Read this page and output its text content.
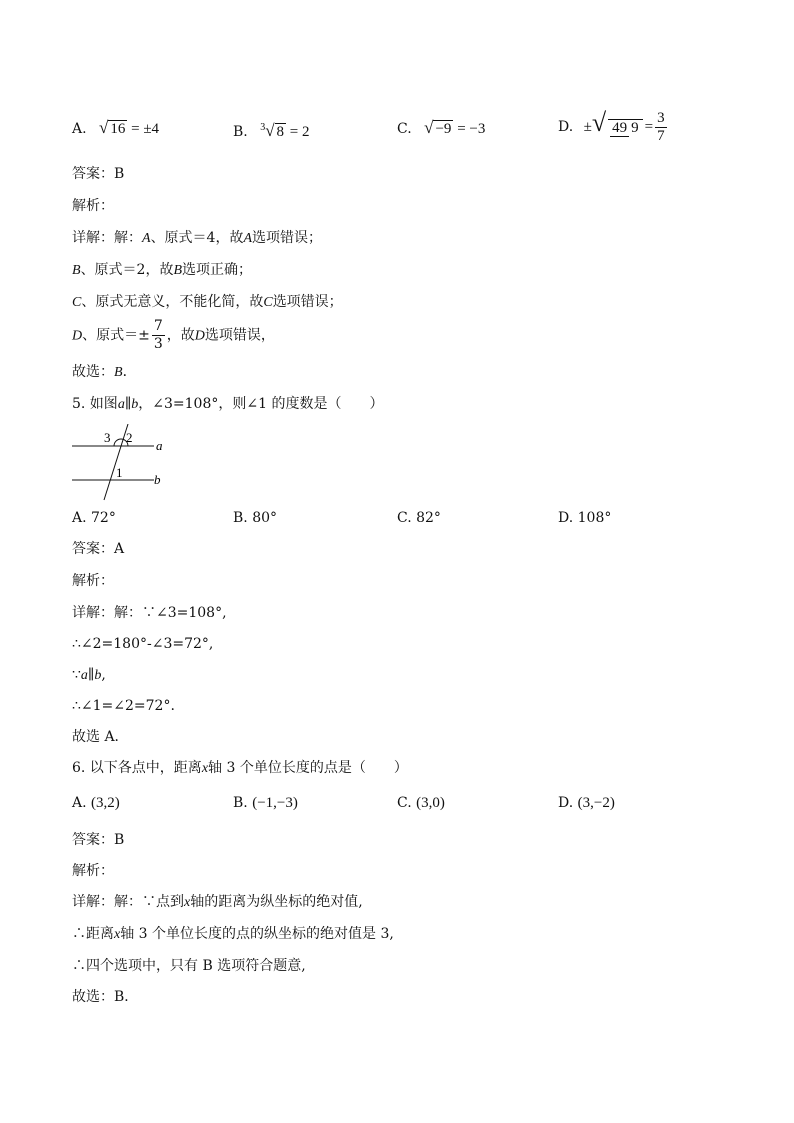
A. √ 16 = ±4	B. $^3$√ 8 = 2	C. √ −9 = −3	D. ±√ 49 $9 = \frac{3}{7}$
答案：B
解析：
详解：解：A、原式＝4，故A选项错误；
B、原式＝2，故B选项正确；
C、原式无意义，不能化简，故C选项错误；
D、原式＝± $\frac{7}{3}$ ，故D选项错误，
故选：B．
5. 如图a∥b，∠3=108°，则∠1 的度数是（　　）
3 2
1
a
b
A. 72°	B. 80°	C. 82°	D. 108°
答案：A
解析：
详解：解：∵∠3=108°,
∴∠2=180°-∠3=72°,
∵a∥b,
∴∠1=∠2=72°.
故选 A．
6. 以下各点中，距离x轴 3 个单位长度的点是（　　）
A. (3,2)	B. (−1,−3)	C. (3,0)	D. (3,−2)
答案：B
解析：
详解：解：∵点到x轴的距离为纵坐标的绝对值,
∴距离x轴 3 个单位长度的点的纵坐标的绝对值是 3,
∴四个选项中，只有 B 选项符合题意,
故选：B．
